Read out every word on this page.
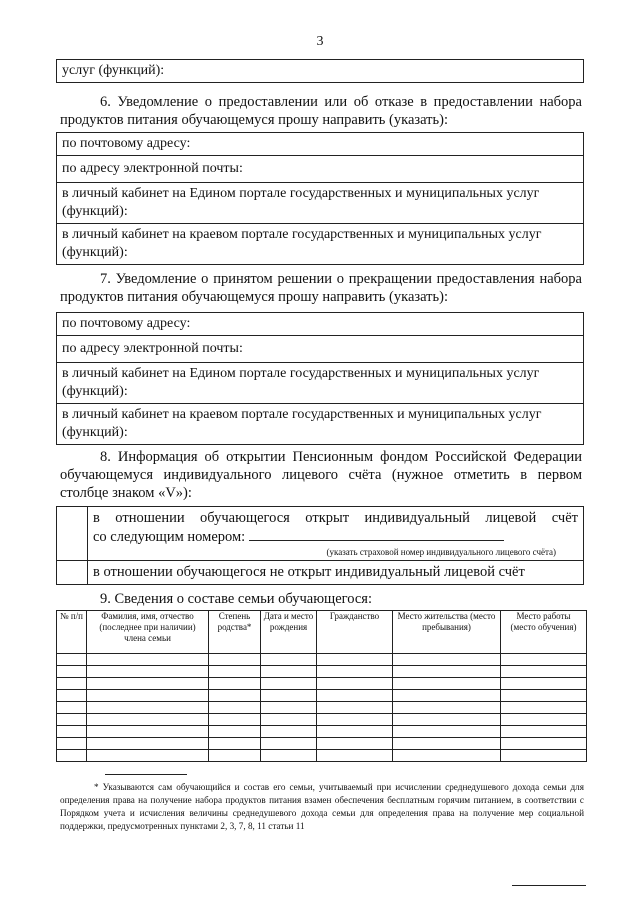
3
услуг (функций):
6. Уведомление о предоставлении или об отказе в предоставлении набора продуктов питания обучающемуся прошу направить (указать):
по почтовому адресу:
по адресу электронной почты:
в личный кабинет на Едином портале государственных и муниципальных услуг (функций):
в личный кабинет на краевом портале государственных и муниципальных услуг (функций):
7. Уведомление о принятом решении о прекращении предоставления набора продуктов питания обучающемуся прошу направить (указать):
по почтовому адресу:
по адресу электронной почты:
в личный кабинет на Едином портале государственных и муниципальных услуг (функций):
в личный кабинет на краевом портале государственных и муниципальных услуг (функций):
8. Информация об открытии Пенсионным фондом Российской Федерации обучающемуся индивидуального лицевого счёта (нужное отметить в первом столбце знаком «V»):
в отношении обучающегося открыт индивидуальный лицевой счёт
со следующим номером:
(указать страховой номер индивидуального лицевого счёта)
в отношении обучающегося не открыт индивидуальный лицевой счёт
9. Сведения о составе семьи обучающегося:
№ п/п	Фамилия, имя, отчество (последнее при наличии) члена семьи	Степень родства*	Дата и место рождения	Гражданство	Место жительства (место пребывания)	Место работы (место обучения)

* Указываются сам обучающийся и состав его семьи, учитываемый при исчислении среднедушевого дохода семьи для определения права на получение набора продуктов питания взамен обеспечения бесплатным горячим питанием, в соответствии с Порядком учета и исчисления величины среднедушевого дохода семьи для определения права на получение мер социальной поддержки, предусмотренных пунктами 2, 3, 7, 8, 11 статьи 11
